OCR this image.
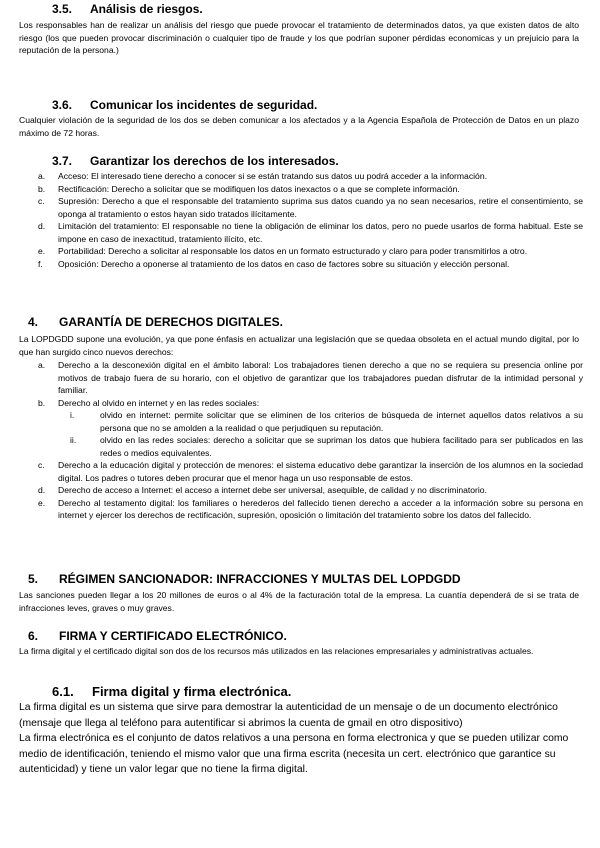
3.5.	Análisis de riesgos.
Los responsables han de realizar un análisis del riesgo que puede provocar el tratamiento de determinados datos, ya que existen datos de alto riesgo (los que pueden provocar discriminación o cualquier tipo de fraude y los que podrían suponer pérdidas economicas y un prejuicio para la reputación de la persona.)
3.6.	Comunicar los incidentes de seguridad.
Cualquier violación de la seguridad de los dos se deben comunicar a los afectados y a la Agencia Española de Protección de Datos en un plazo máximo de 72 horas.
3.7.	Garantizar los derechos de los interesados.
a. Acceso: El interesado tiene derecho a conocer si se están tratando sus datos uu podrá acceder a la información.
b. Rectificación: Derecho a solicitar que se modifiquen los datos inexactos o a que se complete información.
c. Supresión: Derecho a que el responsable del tratamiento suprima sus datos cuando ya no sean necesarios, retire el consentimiento, se oponga al tratamiento o estos hayan sido tratados ilícitamente.
d. Limitación del tratamiento: El responsable no tiene la obligación de eliminar los datos, pero no puede usarlos de forma habitual. Este se impone en caso de inexactitud, tratamiento ilícito, etc.
e. Portabilidad: Derecho a solicitar al responsable los datos en un formato estructurado y claro para poder transmitirlos a otro.
f. Oposición: Derecho a oponerse al tratamiento de los datos en caso de factores sobre su situación y elección personal.
4.	GARANTÍA DE DERECHOS DIGITALES.
La LOPDGDD supone una evolución, ya que pone énfasis en actualizar una legislación que se quedaa obsoleta en el actual mundo digital, por lo que han surgido cinco nuevos derechos:
a. Derecho a la desconexión digital en el ámbito laboral: Los trabajadores tienen derecho a que no se requiera su presencia online por motivos de trabajo fuera de su horario, con el objetivo de garantizar que los trabajadores puedan disfrutar de la intimidad personal y familiar.
b. Derecho al olvido en internet y en las redes sociales:
i.	olvido en internet: permite solicitar que se eliminen de los criterios de búsqueda de internet aquellos datos relativos a su persona que no se amolden a la realidad o que perjudiquen su reputación.
ii.	olvido en las redes sociales: derecho a solicitar que se supriman los datos que hubiera facilitado para ser publicados en las redes o medios equivalentes.
c. Derecho a la educación digital y protección de menores: el sistema educativo debe garantizar la inserción de los alumnos en la sociedad digital. Los padres o tutores deben procurar que el menor haga un uso responsable de estos.
d. Derecho de acceso a Internet: el acceso a internet debe ser universal, asequible, de calidad y no discriminatorio.
e. Derecho al testamento digital: los familiares o herederos del fallecido tienen derecho a acceder a la información sobre su persona en internet y ejercer los derechos de rectificación, supresión, oposición o limitación del tratamiento sobre los datos del fallecido.
5.	RÉGIMEN SANCIONADOR: INFRACCIONES Y MULTAS DEL LOPDGDD
Las sanciones pueden llegar a los 20 millones de euros o al 4% de la facturación total de la empresa. La cuantía dependerá de si se trata de infracciones leves, graves o muy graves.
6.	FIRMA Y CERTIFICADO ELECTRÓNICO.
La firma digital y el certificado digital son dos de los recursos más utilizados en las relaciones empresariales y administrativas actuales.
6.1.	Firma digital y firma electrónica.
La firma digital es un sistema que sirve para demostrar la autenticidad de un mensaje o de un documento electrónico (mensaje que llega al teléfono para autentificar si abrimos la cuenta de gmail en otro dispositivo)
La firma electrónica es el conjunto de datos relativos a una persona en forma electronica y que se pueden utilizar como medio de identificación, teniendo el mismo valor que una firma escrita (necesita un cert. electrónico que garantice su autenticidad) y tiene un valor legar que no tiene la firma digital.
